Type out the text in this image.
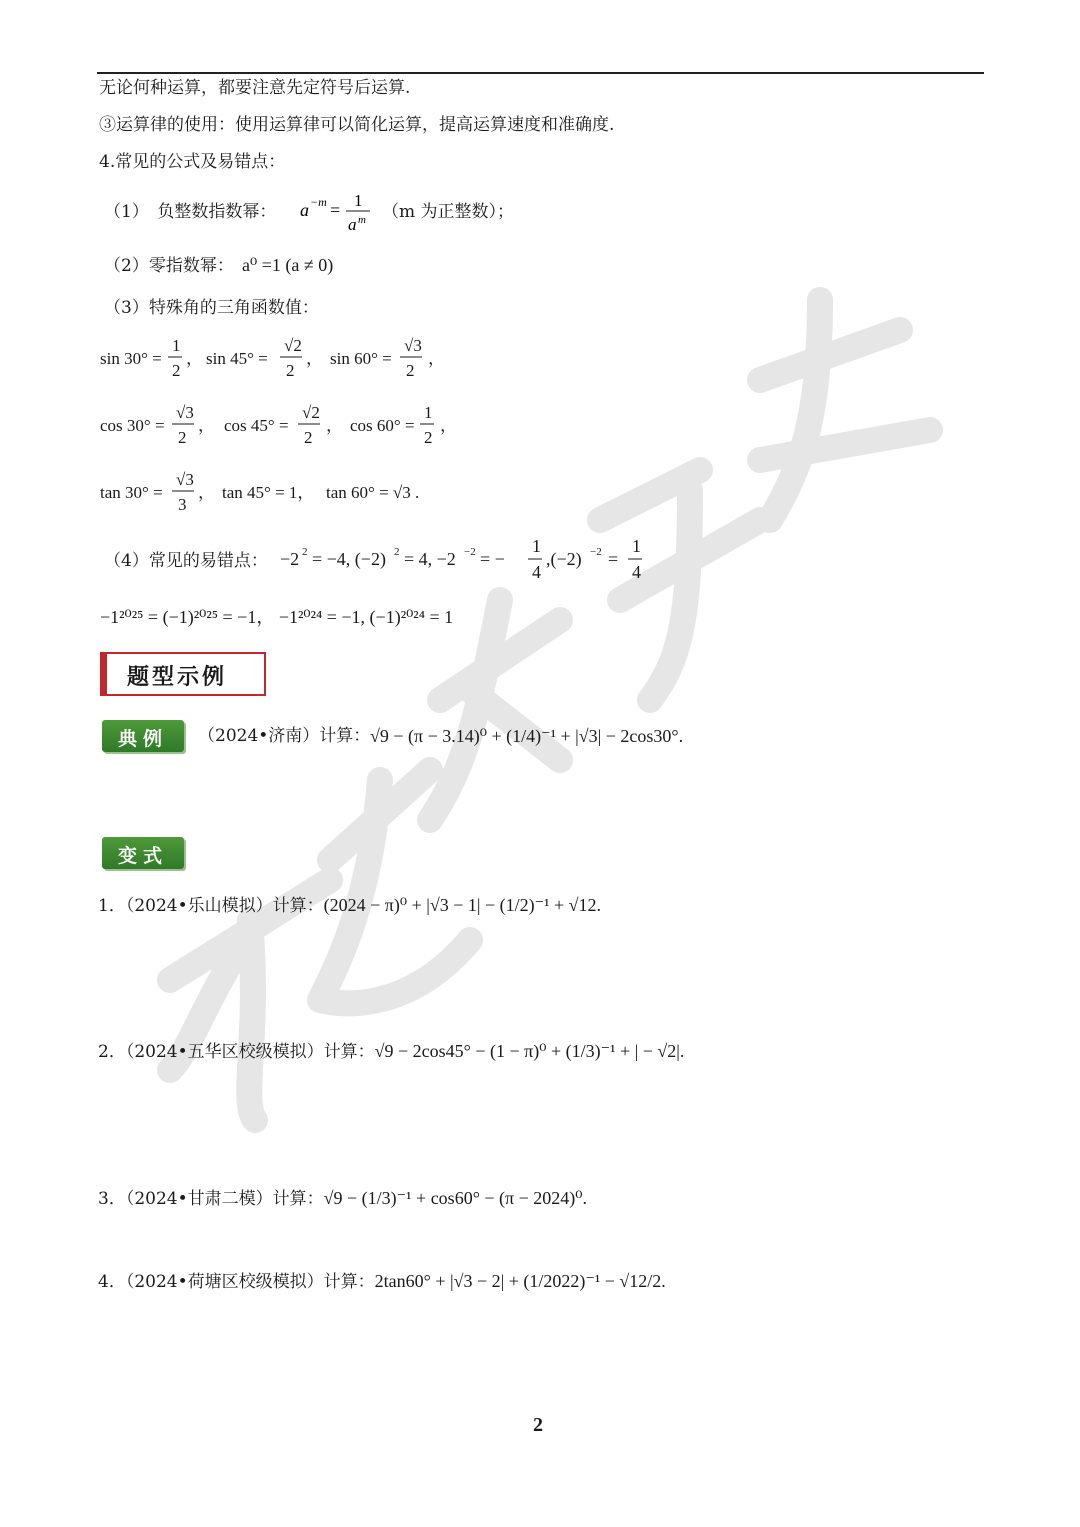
无论何种运算，都要注意先定符号后运算.
③运算律的使用：使用运算律可以简化运算，提高运算速度和准确度.
4.常见的公式及易错点：
（1）　负整数指数幂： a −m = 1
a m （m 为正整数）；
（2）零指数幂： a⁰ =1 (a ≠ 0)
（3）特殊角的三角函数值：
sin 30° =
1
2
， sin 45° =
√2
2
， sin 60° =
√3
2
，
cos 30° =
√3
2
， cos 45° =
√2
2
， cos 60° =
1
2
，
tan 30° =
√3
3
， tan 45° = 1， tan 60° = √3 .
（4）常见的易错点： −2 2 = −4, (−2) 2 = 4, −2 −2 = −
1
4
,(−2) −2 =
1
4
−1²⁰²⁵ = (−1)²⁰²⁵ = −1， −1²⁰²⁴ = −1, (−1)²⁰²⁴ = 1
题型示例
典例	（2024•济南）计算： √9 − (π − 3.14)⁰ + (1/4)⁻¹ + |√3| − 2cos30°.
变式
1．（2024•乐山模拟）计算：(2024 − π)⁰ + |√3 − 1| − (1/2)⁻¹ + √12.
2．（2024•五华区校级模拟）计算：√9 − 2cos45° − (1 − π)⁰ + (1/3)⁻¹ + | − √2|.
3．（2024•甘肃二模）计算：√9 − (1/3)⁻¹ + cos60° − (π − 2024)⁰.
4．（2024•荷塘区校级模拟）计算：2tan60° + |√3 − 2| + (1/2022)⁻¹ − √12/2.
2
